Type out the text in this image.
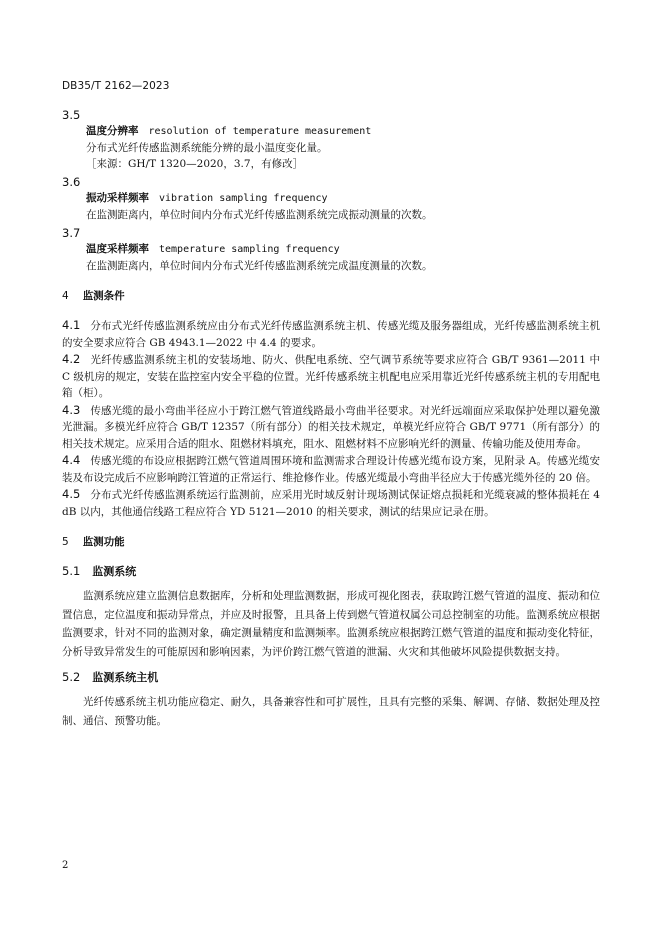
DB35/T 2162—2023
3.5
温度分辨率 resolution of temperature measurement
分布式光纤传感监测系统能分辨的最小温度变化量。
［来源：GH/T 1320—2020，3.7，有修改］
3.6
振动采样频率 vibration sampling frequency
在监测距离内，单位时间内分布式光纤传感监测系统完成振动测量的次数。
3.7
温度采样频率 temperature sampling frequency
在监测距离内，单位时间内分布式光纤传感监测系统完成温度测量的次数。
4 监测条件
4.1 分布式光纤传感监测系统应由分布式光纤传感监测系统主机、传感光缆及服务器组成，光纤传感监测系统主机的安全要求应符合 GB 4943.1—2022 中 4.4 的要求。
4.2 光纤传感监测系统主机的安装场地、防火、供配电系统、空气调节系统等要求应符合 GB/T 9361—2011 中 C 级机房的规定，安装在监控室内安全平稳的位置。光纤传感系统主机配电应采用靠近光纤传感系统主机的专用配电箱（柜）。
4.3 传感光缆的最小弯曲半径应小于跨江燃气管道线路最小弯曲半径要求。对光纤远端面应采取保护处理以避免激光泄漏。多模光纤应符合 GB/T 12357（所有部分）的相关技术规定，单模光纤应符合 GB/T 9771（所有部分）的相关技术规定。应采用合适的阻水、阻燃材料填充，阻水、阻燃材料不应影响光纤的测量、传输功能及使用寿命。
4.4 传感光缆的布设应根据跨江燃气管道周围环境和监测需求合理设计传感光缆布设方案，见附录 A。传感光缆安装及布设完成后不应影响跨江管道的正常运行、维抢修作业。传感光缆最小弯曲半径应大于传感光缆外径的 20 倍。
4.5 分布式光纤传感监测系统运行监测前，应采用光时域反射计现场测试保证熔点损耗和光缆衰减的整体损耗在 4 dB 以内，其他通信线路工程应符合 YD 5121—2010 的相关要求，测试的结果应记录在册。
5 监测功能
5.1 监测系统
监测系统应建立监测信息数据库，分析和处理监测数据，形成可视化图表，获取跨江燃气管道的温度、振动和位置信息，定位温度和振动异常点，并应及时报警，且具备上传到燃气管道权属公司总控制室的功能。监测系统应根据监测要求，针对不同的监测对象，确定测量精度和监测频率。监测系统应根据跨江燃气管道的温度和振动变化特征，分析导致异常发生的可能原因和影响因素，为评价跨江燃气管道的泄漏、火灾和其他破坏风险提供数据支持。
5.2 监测系统主机
光纤传感系统主机功能应稳定、耐久，具备兼容性和可扩展性，且具有完整的采集、解调、存储、数据处理及控制、通信、预警功能。
2
